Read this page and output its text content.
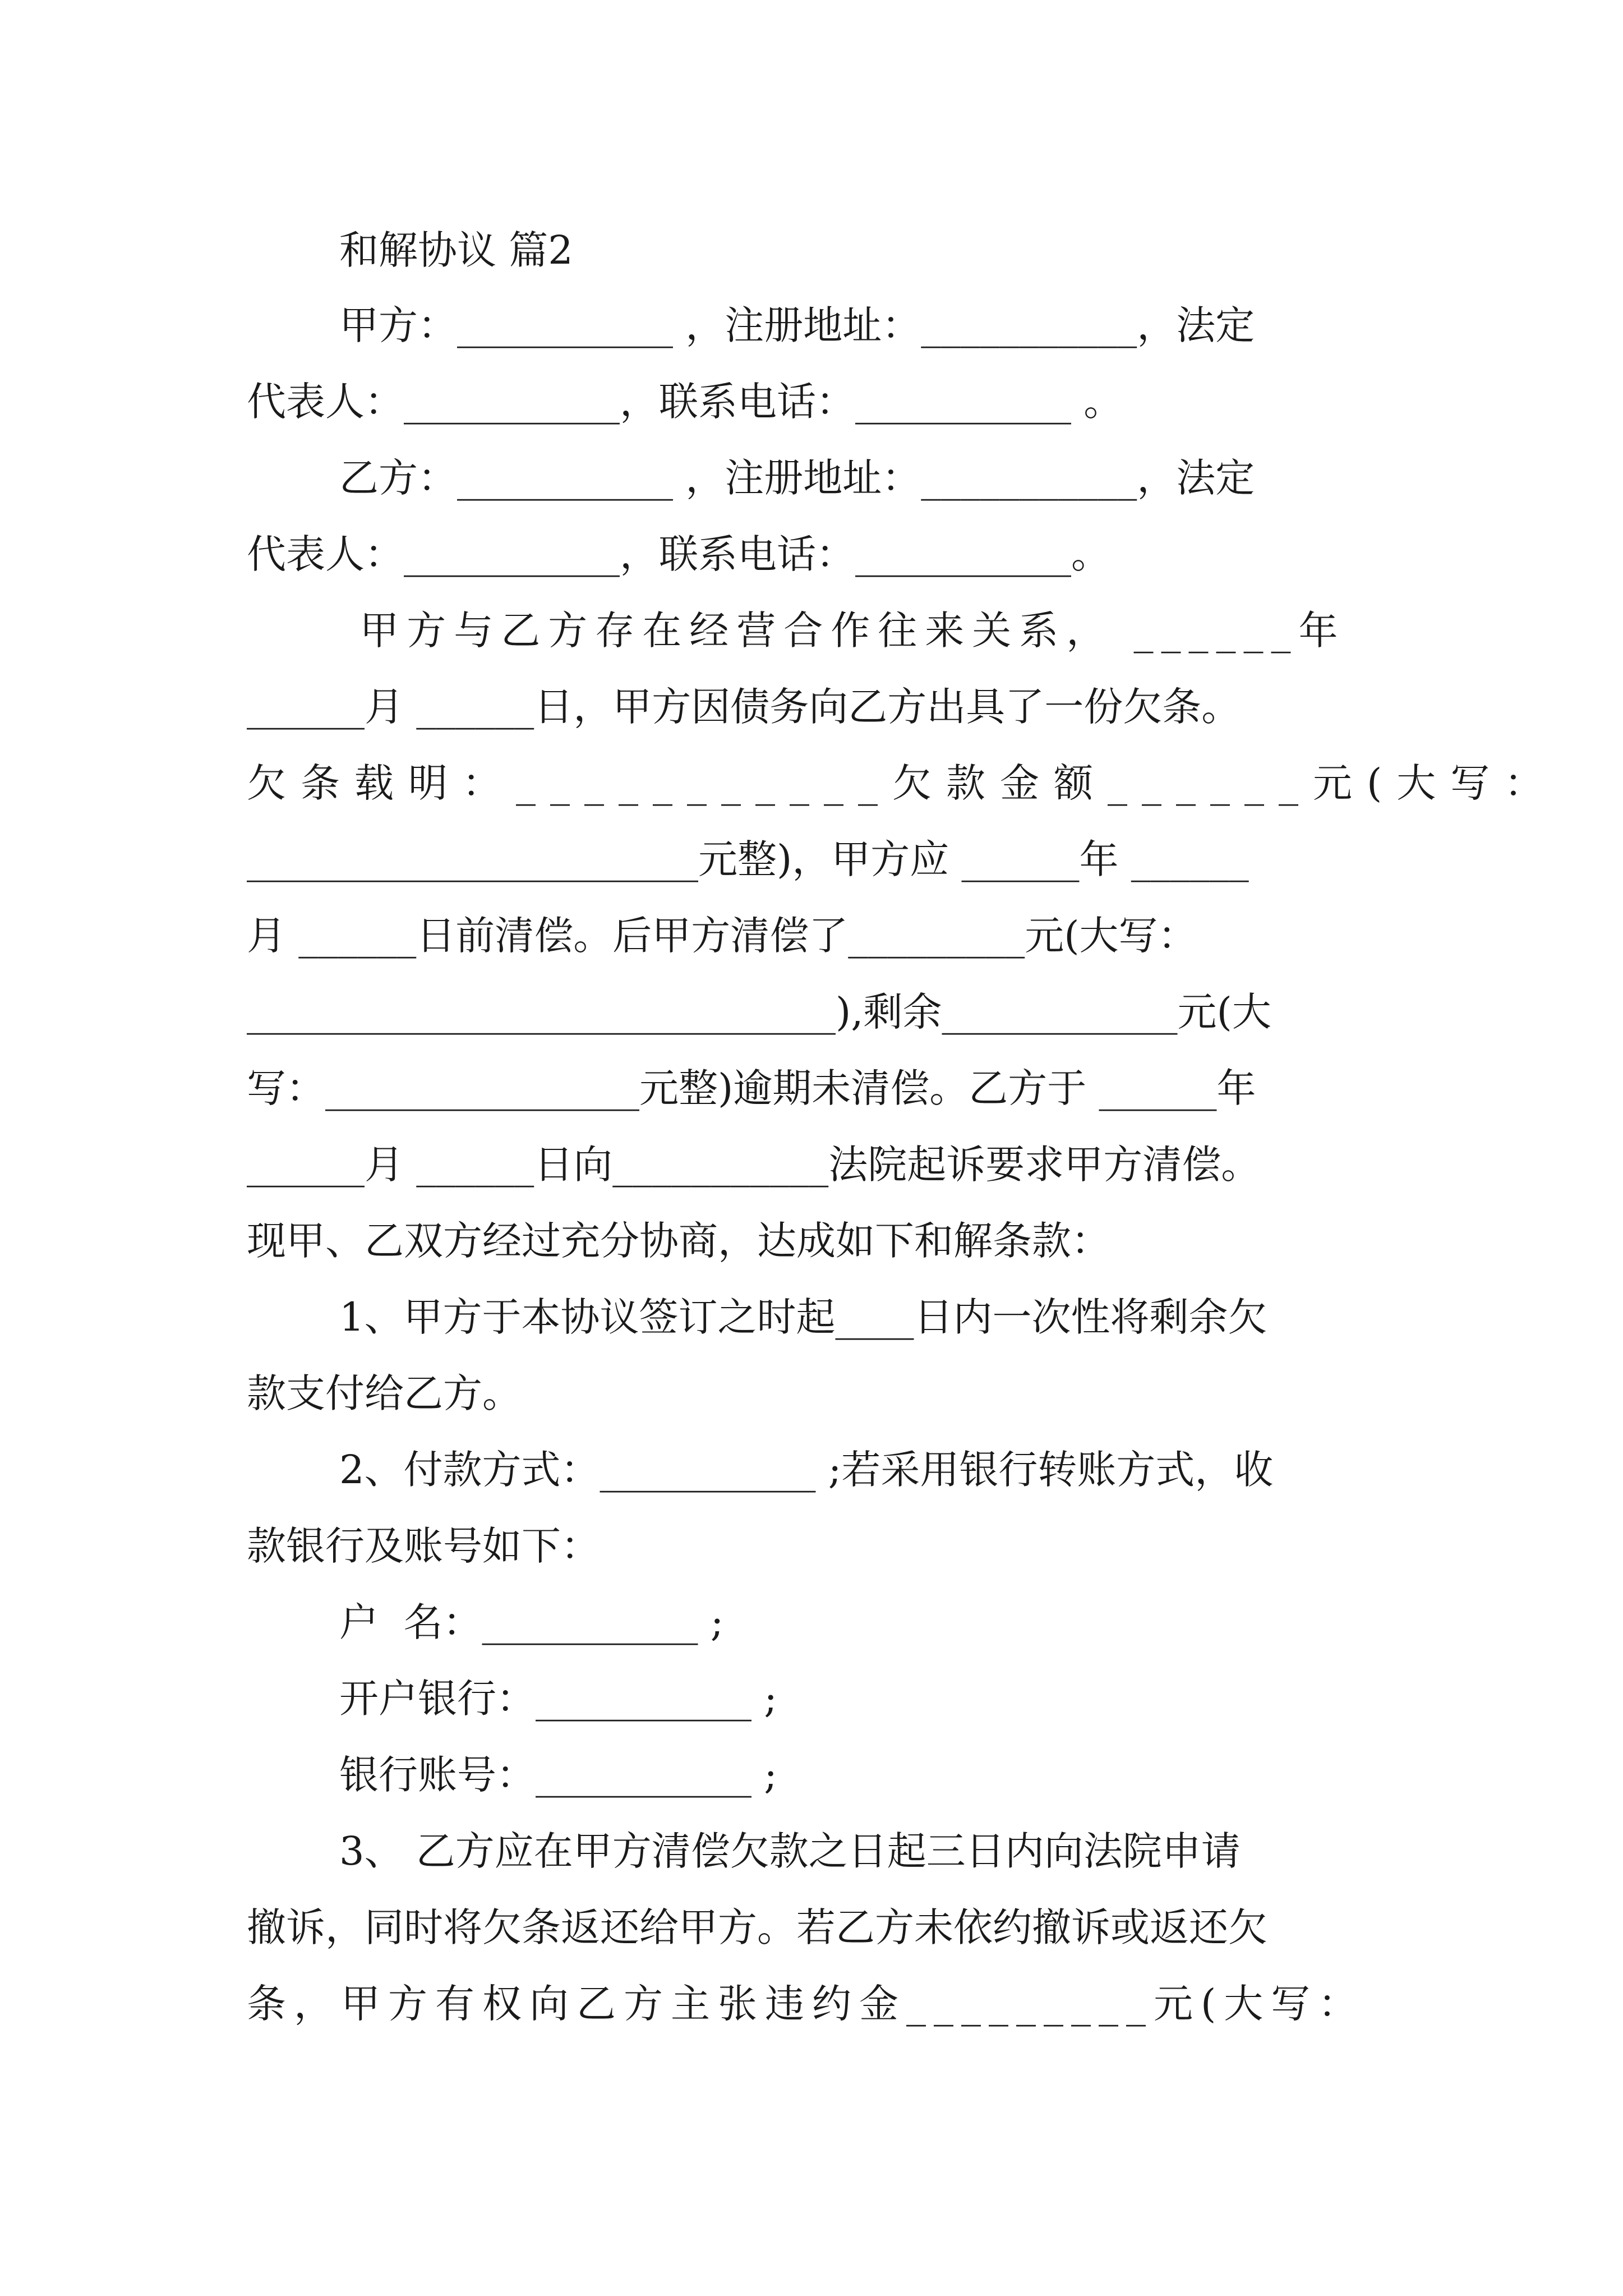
和解协议 篇2
甲方：___________ ，注册地址：___________，法定
代表人：___________，联系电话：___________ 。
乙方：___________ ，注册地址：___________，法定
代表人：___________，联系电话：___________。
甲方与乙方存在经营合作往来关系， ______年
______月 ______日，甲方因债务向乙方出具了一份欠条。
欠条载明：___________欠款金额______元(大写：
_______________________元整)，甲方应 ______年 ______
月 ______日前清偿。后甲方清偿了_________元(大写：
______________________________),剩余____________元(大
写：________________元整)逾期未清偿。乙方于 ______年
______月 ______日向___________法院起诉要求甲方清偿。
现甲、乙双方经过充分协商，达成如下和解条款：
1、甲方于本协议签订之时起____日内一次性将剩余欠
款支付给乙方。
2、付款方式：___________ ;若采用银行转账方式，收
款银行及账号如下：
户  名：___________ ;
开户银行：___________ ;
银行账号：___________ ;
3、 乙方应在甲方清偿欠款之日起三日内向法院申请
撤诉，同时将欠条返还给甲方。若乙方未依约撤诉或返还欠
条，甲方有权向乙方主张违约金_________元(大写：
